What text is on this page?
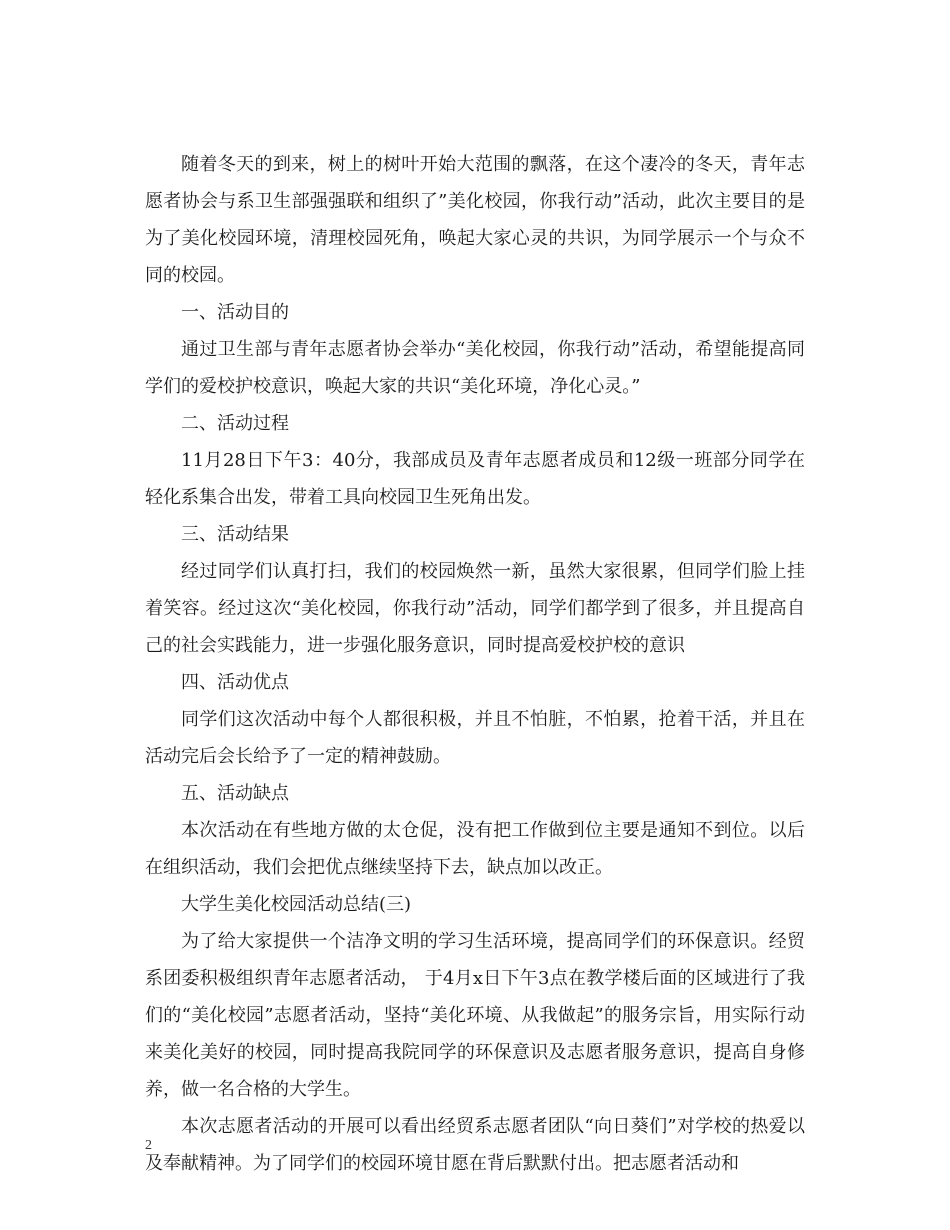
随着冬天的到来，树上的树叶开始大范围的飘落，在这个凄冷的冬天，青年志愿者协会与系卫生部强强联和组织了”美化校园，你我行动”活动，此次主要目的是为了美化校园环境，清理校园死角，唤起大家心灵的共识，为同学展示一个与众不同的校园。

一、活动目的

通过卫生部与青年志愿者协会举办“美化校园，你我行动”活动，希望能提高同学们的爱校护校意识，唤起大家的共识“美化环境，净化心灵。”

二、活动过程

11月28日下午3：40分，我部成员及青年志愿者成员和12级一班部分同学在轻化系集合出发，带着工具向校园卫生死角出发。

三、活动结果

经过同学们认真打扫，我们的校园焕然一新，虽然大家很累，但同学们脸上挂着笑容。经过这次“美化校园，你我行动”活动，同学们都学到了很多，并且提高自己的社会实践能力，进一步强化服务意识，同时提高爱校护校的意识

四、活动优点

同学们这次活动中每个人都很积极，并且不怕脏，不怕累，抢着干活，并且在活动完后会长给予了一定的精神鼓励。

五、活动缺点

本次活动在有些地方做的太仓促，没有把工作做到位主要是通知不到位。以后在组织活动，我们会把优点继续坚持下去，缺点加以改正。

大学生美化校园活动总结(三)

为了给大家提供一个洁净文明的学习生活环境，提高同学们的环保意识。经贸系团委积极组织青年志愿者活动， 于4月x日下午3点在教学楼后面的区域进行了我们的“美化校园”志愿者活动，坚持“美化环境、从我做起”的服务宗旨，用实际行动来美化美好的校园，同时提高我院同学的环保意识及志愿者服务意识，提高自身修养，做一名合格的大学生。

本次志愿者活动的开展可以看出经贸系志愿者团队“向日葵们”对学校的热爱以及奉献精神。为了同学们的校园环境甘愿在背后默默付出。把志愿者活动和

2
